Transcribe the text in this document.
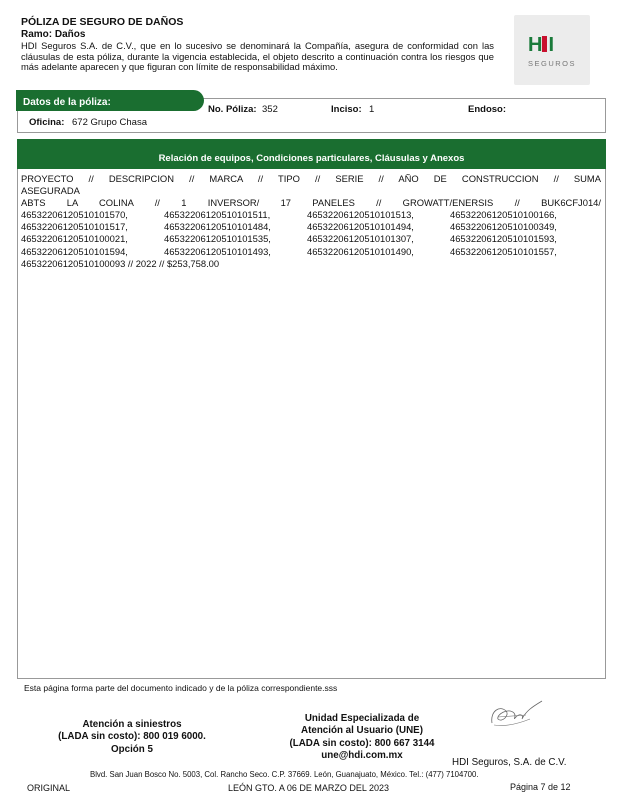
PÓLIZA DE SEGURO DE DAÑOS
Ramo: Daños
HDI Seguros S.A. de C.V., que en lo sucesivo se denominará la Compañía, asegura de conformidad con las cláusulas de esta póliza, durante la vigencia establecida, el objeto descrito a continuación contra los riesgos que más adelante aparecen y que figuran con límite de responsabilidad máximo.
H I
SEGUROS
Datos de la póliza:
No. Póliza: 352	Inciso: 1	Endoso:
Oficina: 672 Grupo Chasa
Relación de equipos, Condiciones particulares, Cláusulas y Anexos
PROYECTO // DESCRIPCION // MARCA // TIPO // SERIE // AÑO DE CONSTRUCCION // SUMA
ASEGURADA
ABTS LA COLINA // 1 INVERSOR/ 17 PANELES // GROWATT/ENERSIS // BUK6CFJ014/
46532206120510101570,	46532206120510101511,	46532206120510101513,	46532206120510100166,
46532206120510101517,	46532206120510101484,	46532206120510101494,	46532206120510100349,
46532206120510100021,	46532206120510101535,	46532206120510101307,	46532206120510101593,
46532206120510101594,	46532206120510101493,	46532206120510101490,	46532206120510101557,
46532206120510100093 // 2022 // $253,758.00
Esta página forma parte del documento indicado y de la póliza correspondiente.sss
Atención a siniestros
(LADA sin costo): 800 019 6000.
Opción 5
Unidad Especializada de
Atención al Usuario (UNE)
(LADA sin costo): 800 667 3144
une@hdi.com.mx
HDI Seguros, S.A. de C.V.
Blvd. San Juan Bosco No. 5003, Col. Rancho Seco. C.P. 37669. León, Guanajuato, México. Tel.: (477) 7104700.
ORIGINAL	LEÓN GTO. A 06 DE MARZO DEL 2023	Página 7 de 12
